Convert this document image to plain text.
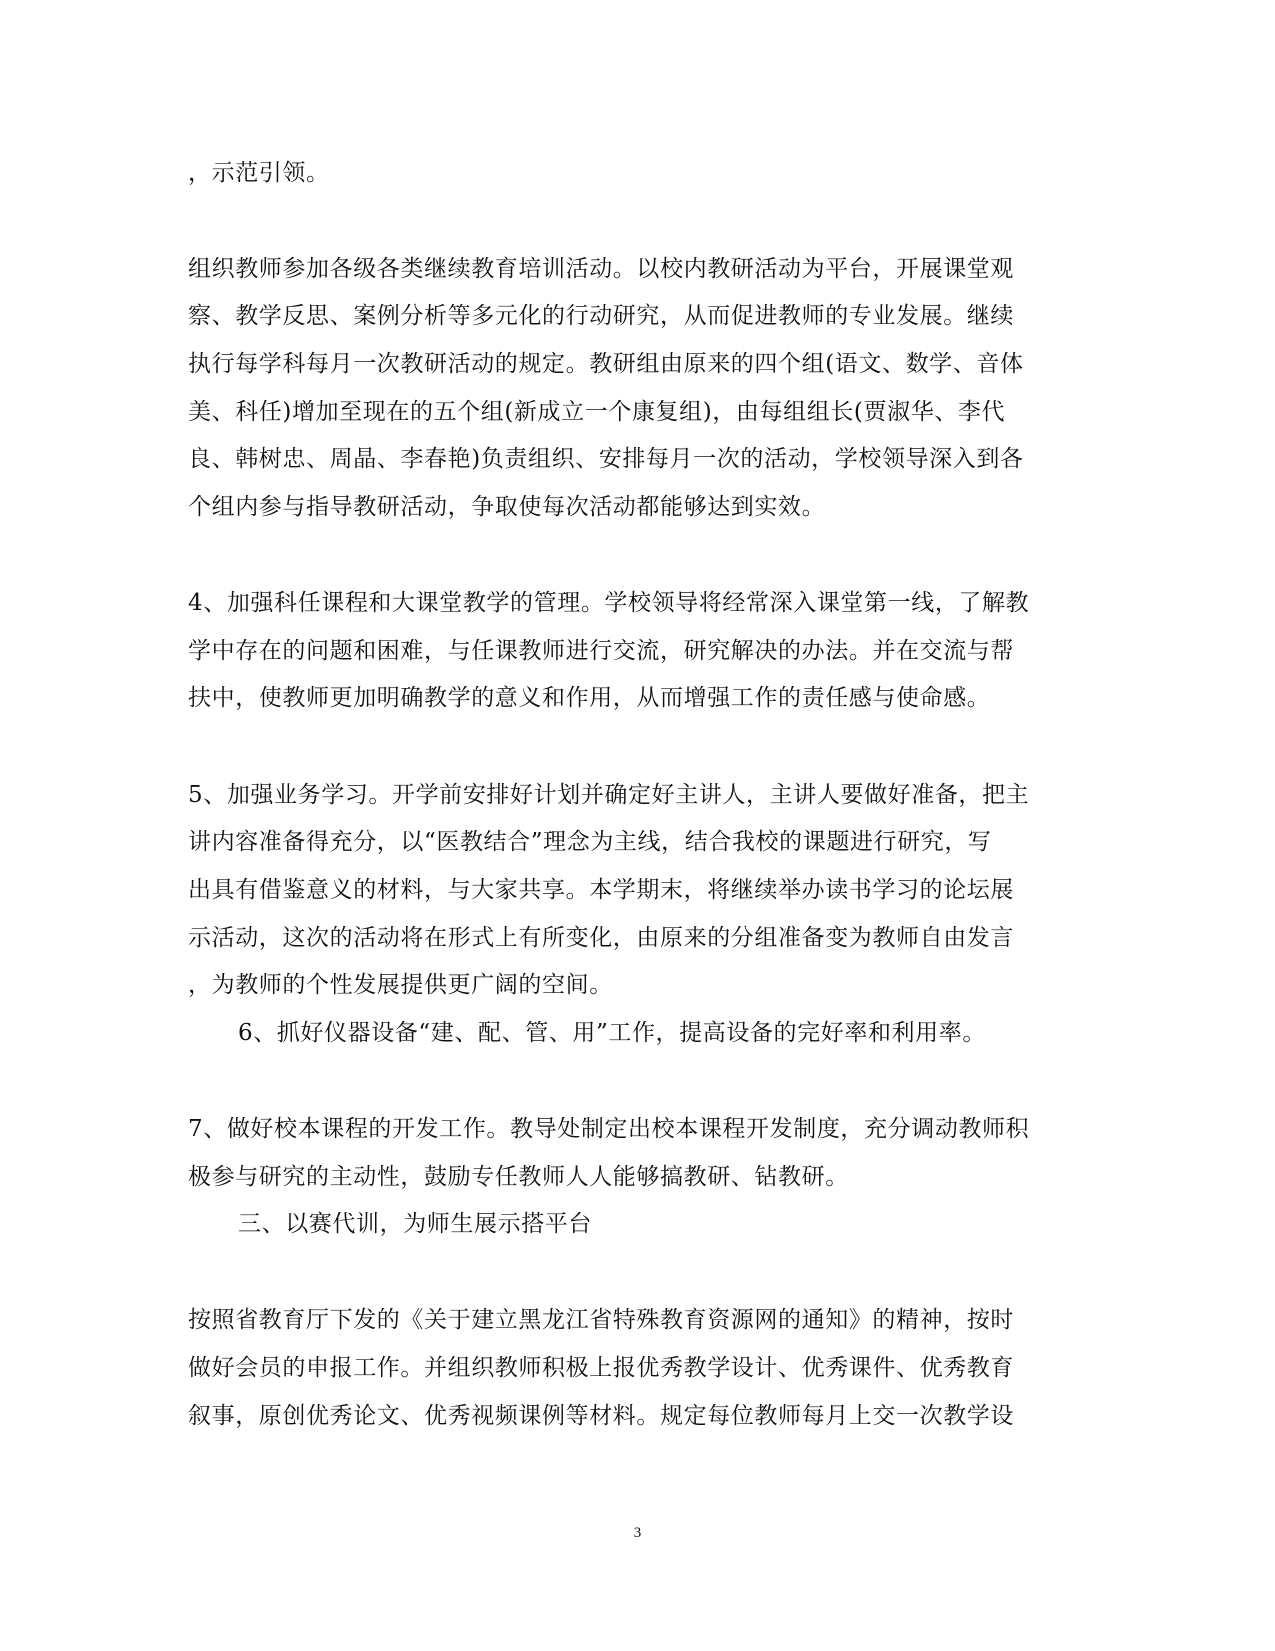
，示范引领。
组织教师参加各级各类继续教育培训活动。以校内教研活动为平台，开展课堂观
察、教学反思、案例分析等多元化的行动研究，从而促进教师的专业发展。继续
执行每学科每月一次教研活动的规定。教研组由原来的四个组(语文、数学、音体
美、科任)增加至现在的五个组(新成立一个康复组)，由每组组长(贾淑华、李代
良、韩树忠、周晶、李春艳)负责组织、安排每月一次的活动，学校领导深入到各
个组内参与指导教研活动，争取使每次活动都能够达到实效。
4、加强科任课程和大课堂教学的管理。学校领导将经常深入课堂第一线，了解教
学中存在的问题和困难，与任课教师进行交流，研究解决的办法。并在交流与帮
扶中，使教师更加明确教学的意义和作用，从而增强工作的责任感与使命感。
5、加强业务学习。开学前安排好计划并确定好主讲人，主讲人要做好准备，把主
讲内容准备得充分，以“医教结合”理念为主线，结合我校的课题进行研究，写
出具有借鉴意义的材料，与大家共享。本学期末，将继续举办读书学习的论坛展
示活动，这次的活动将在形式上有所变化，由原来的分组准备变为教师自由发言
，为教师的个性发展提供更广阔的空间。
6、抓好仪器设备“建、配、管、用”工作，提高设备的完好率和利用率。
7、做好校本课程的开发工作。教导处制定出校本课程开发制度，充分调动教师积
极参与研究的主动性，鼓励专任教师人人能够搞教研、钻教研。
三、以赛代训，为师生展示搭平台
按照省教育厅下发的《关于建立黑龙江省特殊教育资源网的通知》的精神，按时
做好会员的申报工作。并组织教师积极上报优秀教学设计、优秀课件、优秀教育
叙事，原创优秀论文、优秀视频课例等材料。规定每位教师每月上交一次教学设
3
